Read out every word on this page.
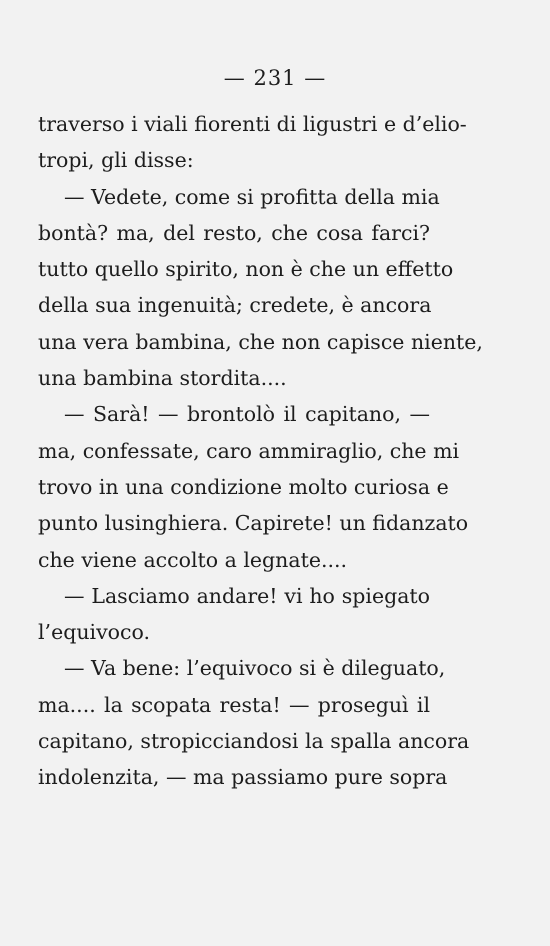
— 231 —
traverso i viali fiorenti di ligustri e d’elio-
tropi, gli disse:
— Vedete, come si profitta della mia
bontà? ma, del resto, che cosa farci?
tutto quello spirito, non è che un effetto
della sua ingenuità; credete, è ancora
una vera bambina, che non capisce niente,
una bambina stordita....
— Sarà! — brontolò il capitano, —
ma, confessate, caro ammiraglio, che mi
trovo in una condizione molto curiosa e
punto lusinghiera. Capirete! un fidanzato
che viene accolto a legnate....
— Lasciamo andare! vi ho spiegato
l’equivoco.
— Va bene: l’equivoco si è dileguato,
ma.... la scopata resta! — proseguì il
capitano, stropicciandosi la spalla ancora
indolenzita, — ma passiamo pure sopra
